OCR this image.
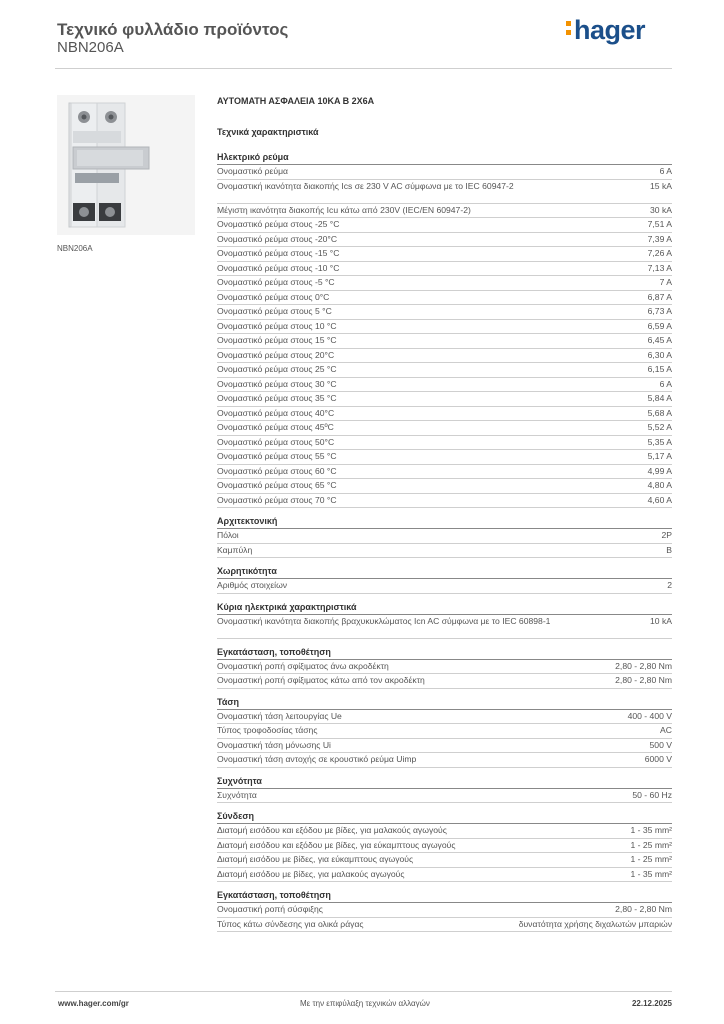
Τεχνικό φυλλάδιο προϊόντος
NBN206A
hager
NBN206A
ΑΥΤΟΜΑΤΗ ΑΣΦΑΛΕΙΑ 10KA B 2X6A
Τεχνικά χαρακτηριστικά
Ηλεκτρικό ρεύμα
Ονομαστικό ρεύμα	6 A
Ονομαστική ικανότητα διακοπής Ics σε 230 V AC σύμφωνα με το IEC 60947-2	15 kA
Μέγιστη ικανότητα διακοπής Icu κάτω από 230V (IEC/EN 60947-2)	30 kA
Ονομαστικό ρεύμα στους -25 °C	7,51 A
Ονομαστικό ρεύμα στους -20°C	7,39 A
Ονομαστικό ρεύμα στους -15 °C	7,26 A
Ονομαστικό ρεύμα στους -10 °C	7,13 A
Ονομαστικό ρεύμα στους -5 °C	7 A
Ονομαστικό ρεύμα στους 0°C	6,87 A
Ονομαστικό ρεύμα στους 5 °C	6,73 A
Ονομαστικό ρεύμα στους 10 °C	6,59 A
Ονομαστικό ρεύμα στους 15 °C	6,45 A
Ονομαστικό ρεύμα στους 20°C	6,30 A
Ονομαστικό ρεύμα στους 25 °C	6,15 A
Ονομαστικό ρεύμα στους 30 °C	6 A
Ονομαστικό ρεύμα στους 35 °C	5,84 A
Ονομαστικό ρεύμα στους 40°C	5,68 A
Ονομαστικό ρεύμα στους 45ºC	5,52 A
Ονομαστικό ρεύμα στους 50°C	5,35 A
Ονομαστικό ρεύμα στους 55 °C	5,17 A
Ονομαστικό ρεύμα στους 60 °C	4,99 A
Ονομαστικό ρεύμα στους 65 °C	4,80 A
Ονομαστικό ρεύμα στους 70 °C	4,60 A
Αρχιτεκτονική
Πόλοι	2P
Καμπύλη	B
Χωρητικότητα
Αριθμός στοιχείων	2
Κύρια ηλεκτρικά χαρακτηριστικά
Ονομαστική ικανότητα διακοπής βραχυκυκλώματος Icn AC σύμφωνα με το IEC 60898-1	10 kA
Εγκατάσταση, τοποθέτηση
Ονομαστική ροπή σφίξιματος άνω ακροδέκτη	2,80 - 2,80 Nm
Ονομαστική ροπή σφίξιματος κάτω από τον ακροδέκτη	2,80 - 2,80 Nm
Τάση
Ονομαστική τάση λειτουργίας Ue	400 - 400 V
Τύπος τροφοδοσίας τάσης	AC
Ονομαστική τάση μόνωσης Ui	500 V
Ονομαστική τάση αντοχής σε κρουστικό ρεύμα Uimp	6000 V
Συχνότητα
Συχνότητα	50 - 60 Hz
Σύνδεση
Διατομή εισόδου και εξόδου με βίδες, για μαλακούς αγωγούς	1 - 35 mm²
Διατομή εισόδου και εξόδου με βίδες, για εύκαμπτους αγωγούς	1 - 25 mm²
Διατομή εισόδου με βίδες, για εύκαμπτους αγωγούς	1 - 25 mm²
Διατομή εισόδου με βίδες, για μαλακούς αγωγούς	1 - 35 mm²
Εγκατάσταση, τοποθέτηση
Ονομαστική ροπή σύσφιξης	2,80 - 2,80 Nm
Τύπος κάτω σύνδεσης για ολικά ράγας	δυνατότητα χρήσης διχαλωτών μπαριών
www.hager.com/gr	Με την επιφύλαξη τεχνικών αλλαγών	22.12.2025
